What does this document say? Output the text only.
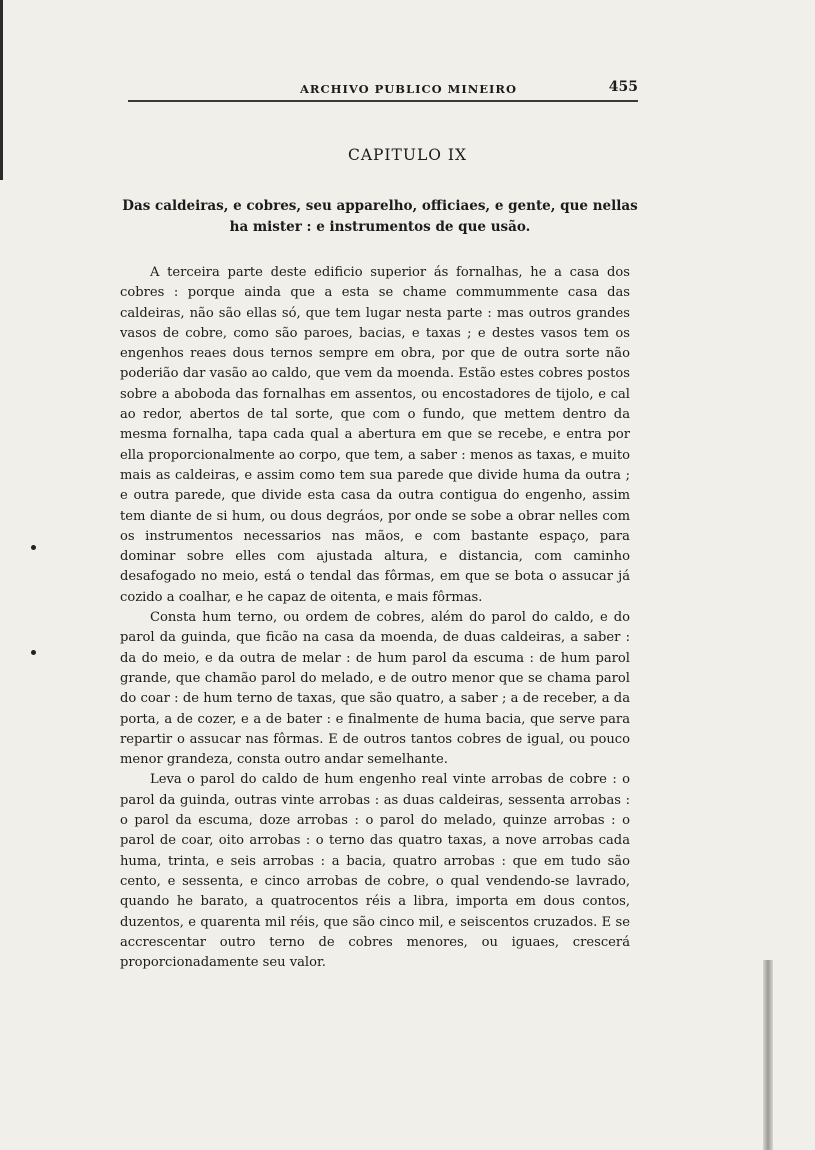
ARCHIVO PUBLICO MINEIRO	455
CAPITULO IX
Das caldeiras, e cobres, seu apparelho, officiaes, e gente, que nellas ha mister : e instrumentos de que usão.

A terceira parte deste edificio superior ás fornalhas, he a casa dos cobres : porque ainda que a esta se chame commummente casa das caldeiras, não são ellas só, que tem lugar nesta parte : mas outros grandes vasos de cobre, como são paroes, bacias, e taxas ; e destes vasos tem os engenhos reaes dous ternos sempre em obra, por que de outra sorte não poderião dar vasão ao caldo, que vem da moenda. Estão estes cobres postos sobre a aboboda das fornalhas em assentos, ou encostadores de tijolo, e cal ao redor, abertos de tal sorte, que com o fundo, que mettem dentro da mesma fornalha, tapa cada qual a abertura em que se recebe, e entra por ella proporcionalmente ao corpo, que tem, a saber : menos as taxas, e muito mais as caldeiras, e assim como tem sua parede que divide huma da outra ; e outra parede, que divide esta casa da outra contigua do engenho, assim tem diante de si hum, ou dous degráos, por onde se sobe a obrar nelles com os instrumentos necessarios nas mãos, e com bastante espaço, para dominar sobre elles com ajustada altura, e distancia, com caminho desafogado no meio, está o tendal das fôrmas, em que se bota o assucar já cozido a coalhar, e he capaz de oitenta, e mais fôrmas.

Consta hum terno, ou ordem de cobres, além do parol do caldo, e do parol da guinda, que ficão na casa da moenda, de duas caldeiras, a saber : da do meio, e da outra de melar : de hum parol da escuma : de hum parol grande, que chamão parol do melado, e de outro menor que se chama parol do coar : de hum terno de taxas, que são quatro, a saber ; a de receber, a da porta, a de cozer, e a de bater : e finalmente de huma bacia, que serve para repartir o assucar nas fôrmas. E de outros tantos cobres de igual, ou pouco menor grandeza, consta outro andar semelhante.

Leva o parol do caldo de hum engenho real vinte arrobas de cobre : o parol da guinda, outras vinte arrobas : as duas caldeiras, sessenta arrobas : o parol da escuma, doze arrobas : o parol do melado, quinze arrobas : o parol de coar, oito arrobas : o terno das quatro taxas, a nove arrobas cada huma, trinta, e seis arrobas : a bacia, quatro arrobas : que em tudo são cento, e sessenta, e cinco arrobas de cobre, o qual vendendo-se lavrado, quando he barato, a quatrocentos réis a libra, importa em dous contos, duzentos, e quarenta mil réis, que são cinco mil, e seiscentos cruzados. E se accrescentar outro terno de cobres menores, ou iguaes, crescerá proporcionadamente seu valor.
